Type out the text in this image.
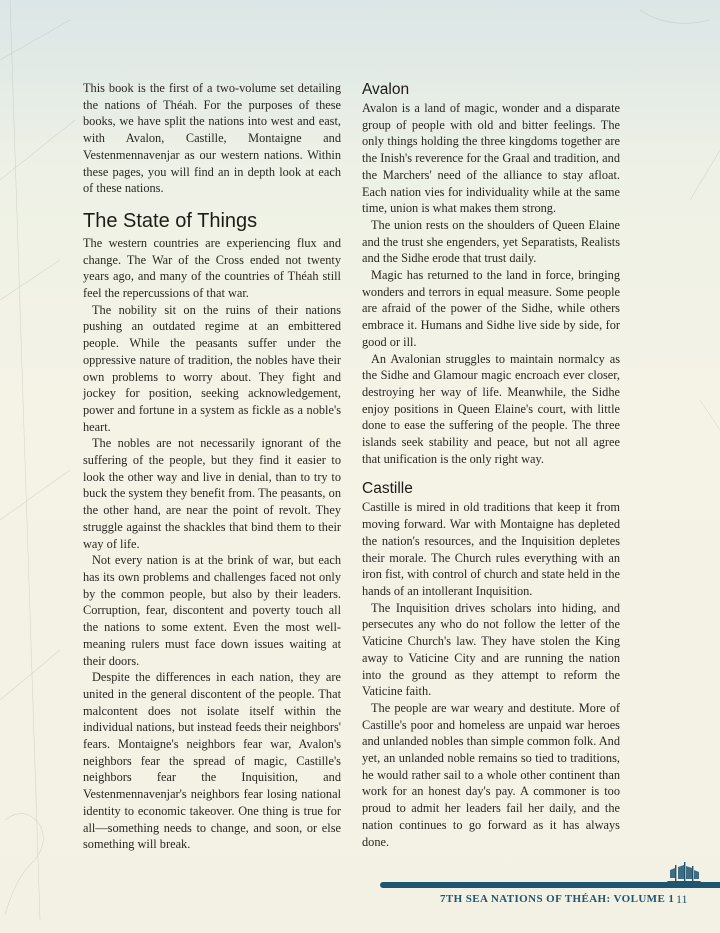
This book is the first of a two-volume set detailing the nations of Théah. For the purposes of these books, we have split the nations into west and east, with Avalon, Castille, Montaigne and Vestenmennavenjar as our western nations. Within these pages, you will find an in depth look at each of these nations.

The State of Things

The western countries are experiencing flux and change. The War of the Cross ended not twenty years ago, and many of the countries of Théah still feel the repercussions of that war.

The nobility sit on the ruins of their nations pushing an outdated regime at an embittered people. While the peasants suffer under the oppressive nature of tradition, the nobles have their own problems to worry about. They fight and jockey for position, seeking acknowledgement, power and fortune in a system as fickle as a noble's heart.

The nobles are not necessarily ignorant of the suffering of the people, but they find it easier to look the other way and live in denial, than to try to buck the system they benefit from. The peasants, on the other hand, are near the point of revolt. They struggle against the shackles that bind them to their way of life.

Not every nation is at the brink of war, but each has its own problems and challenges faced not only by the common people, but also by their leaders. Corruption, fear, discontent and poverty touch all the nations to some extent. Even the most well-meaning rulers must face down issues waiting at their doors.

Despite the differences in each nation, they are united in the general discontent of the people. That malcontent does not isolate itself within the individual nations, but instead feeds their neighbors' fears. Montaigne's neighbors fear war, Avalon's neighbors fear the spread of magic, Castille's neighbors fear the Inquisition, and Vestenmennavenjar's neighbors fear losing national identity to economic takeover. One thing is true for all—something needs to change, and soon, or else something will break.

Avalon

Avalon is a land of magic, wonder and a disparate group of people with old and bitter feelings. The only things holding the three kingdoms together are the Inish's reverence for the Graal and tradition, and the Marchers' need of the alliance to stay afloat. Each nation vies for individuality while at the same time, union is what makes them strong.

The union rests on the shoulders of Queen Elaine and the trust she engenders, yet Separatists, Realists and the Sidhe erode that trust daily.

Magic has returned to the land in force, bringing wonders and terrors in equal measure. Some people are afraid of the power of the Sidhe, while others embrace it. Humans and Sidhe live side by side, for good or ill.

An Avalonian struggles to maintain normalcy as the Sidhe and Glamour magic encroach ever closer, destroying her way of life. Meanwhile, the Sidhe enjoy positions in Queen Elaine's court, with little done to ease the suffering of the people. The three islands seek stability and peace, but not all agree that unification is the only right way.

Castille

Castille is mired in old traditions that keep it from moving forward. War with Montaigne has depleted the nation's resources, and the Inquisition depletes their morale. The Church rules everything with an iron fist, with control of church and state held in the hands of an intollerant Inquisition.

The Inquisition drives scholars into hiding, and persecutes any who do not follow the letter of the Vaticine Church's law. They have stolen the King away to Vaticine City and are running the nation into the ground as they attempt to reform the Vaticine faith.

The people are war weary and destitute. More of Castille's poor and homeless are unpaid war heroes and unlanded nobles than simple common folk. And yet, an unlanded noble remains so tied to traditions, he would rather sail to a whole other continent than work for an honest day's pay. A commoner is too proud to admit her leaders fail her daily, and the nation continues to go forward as it has always done.

7TH SEA NATIONS OF THÉAH: VOLUME 1 11
